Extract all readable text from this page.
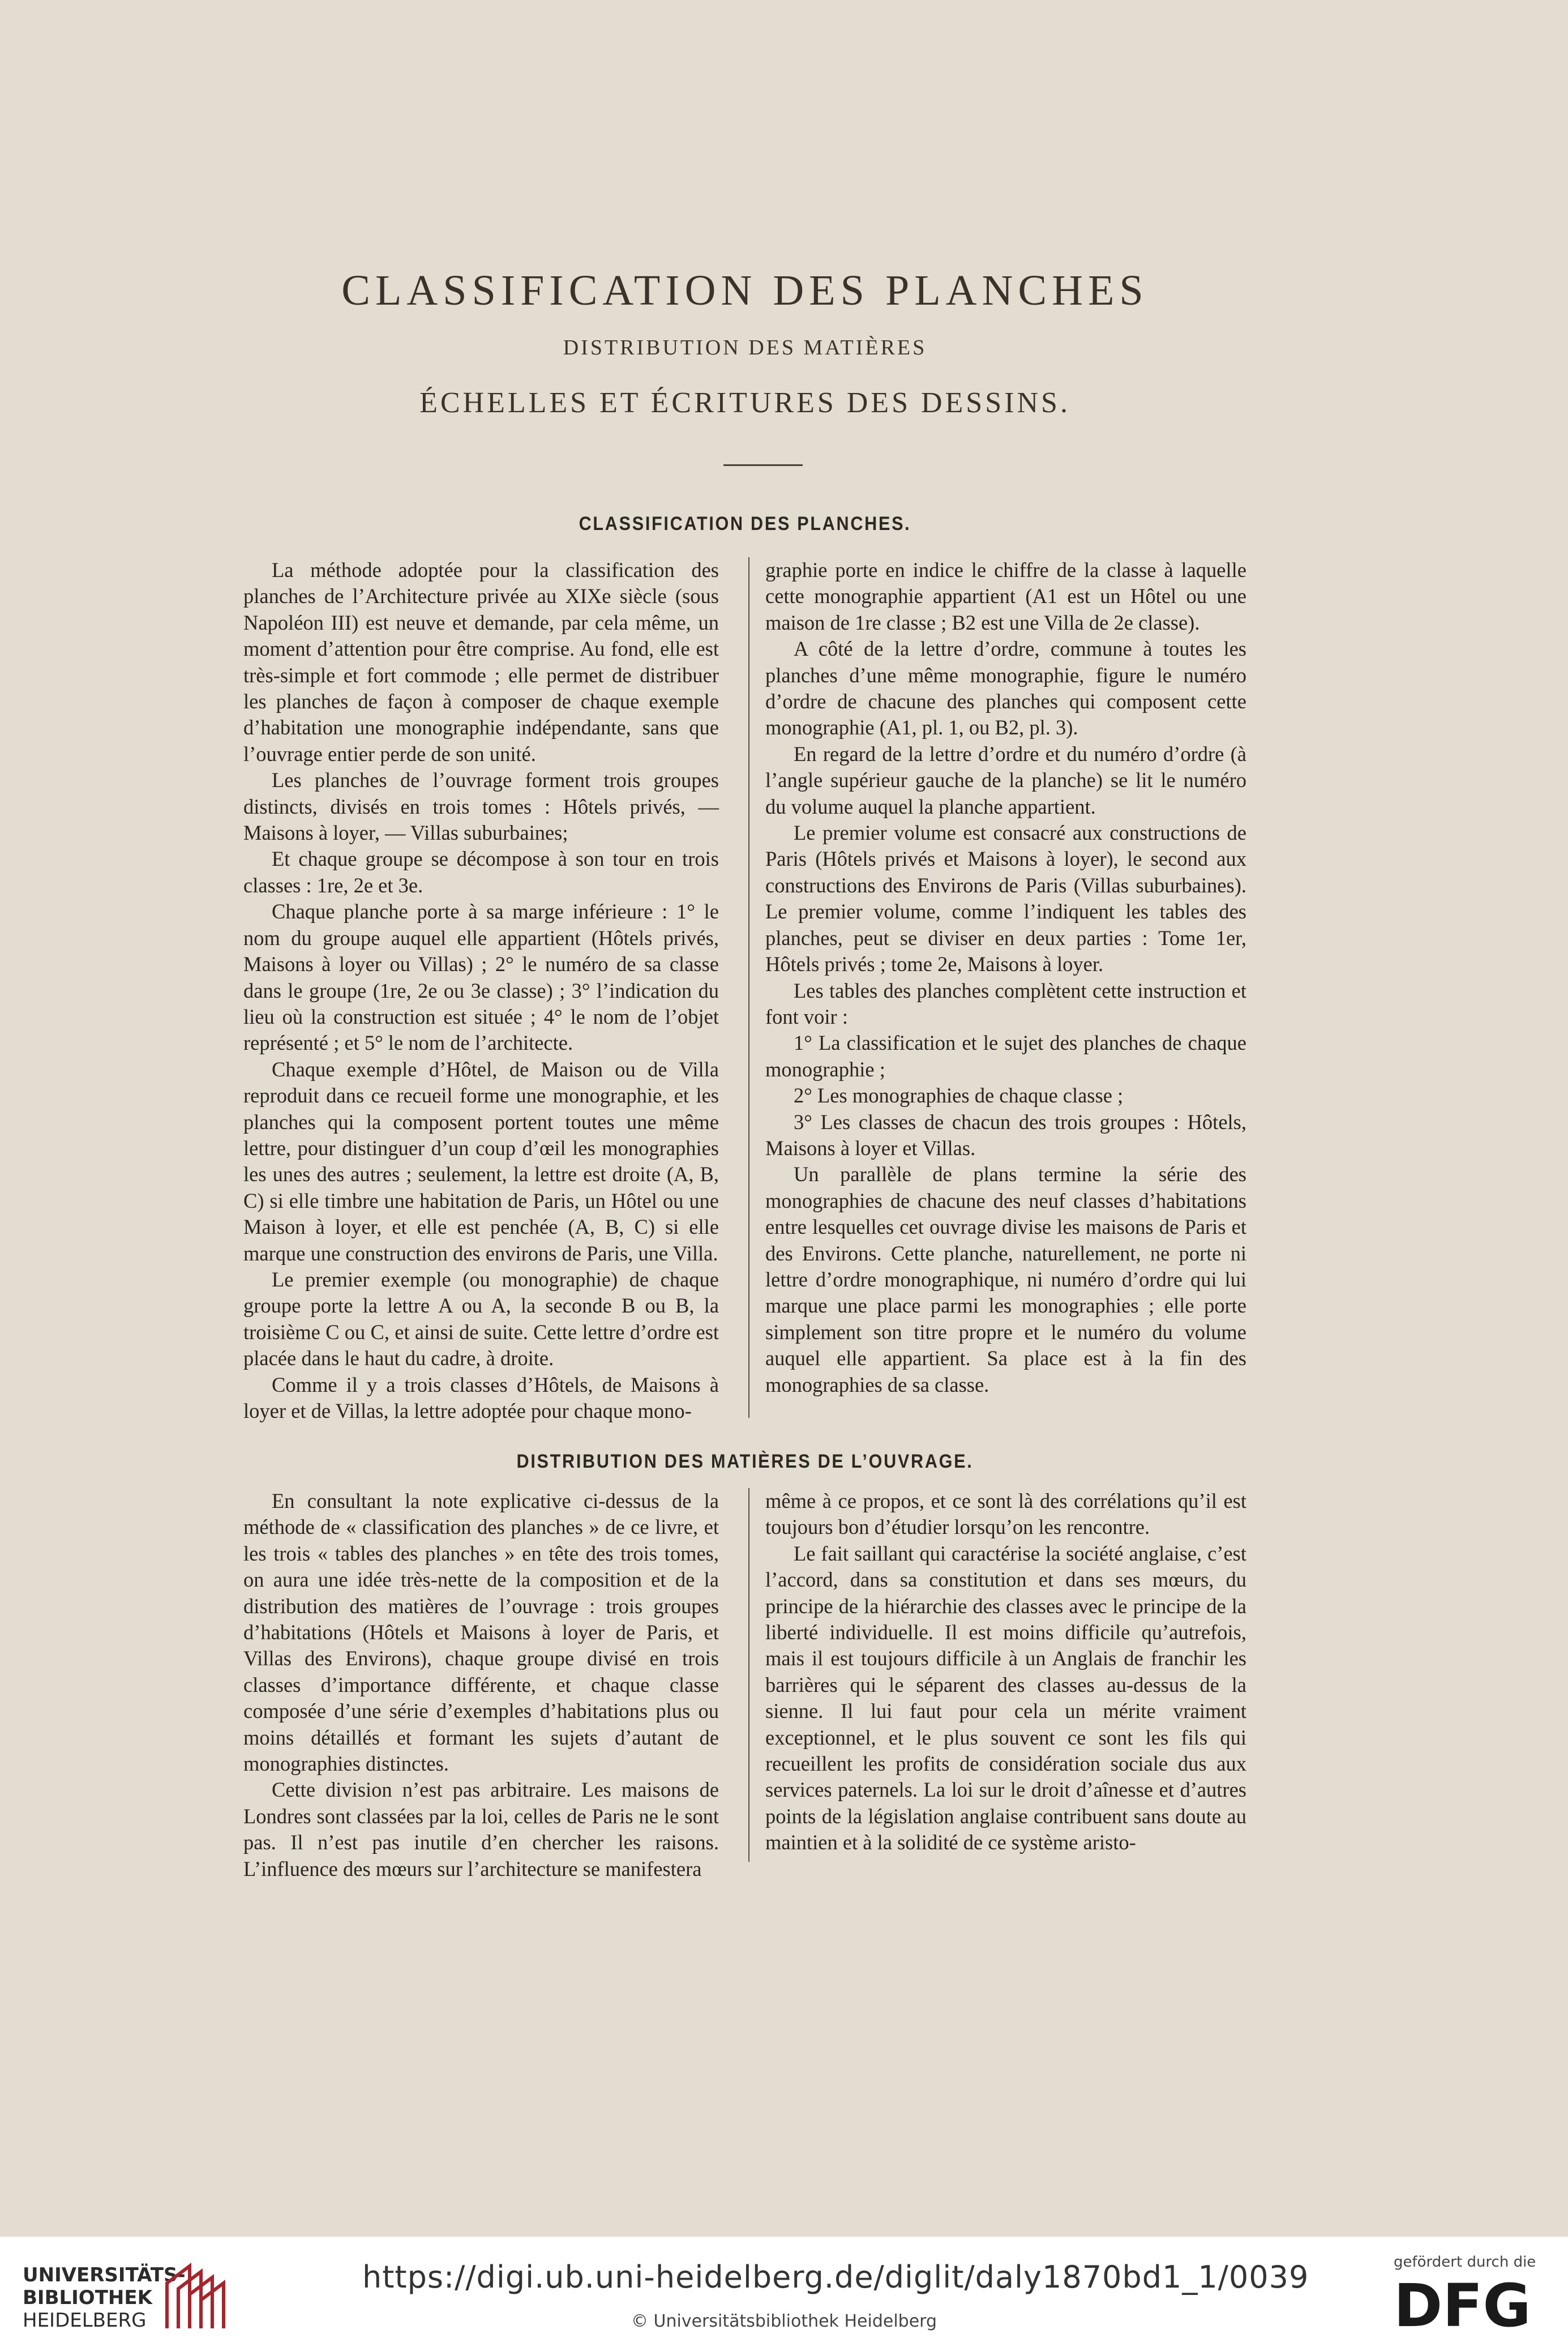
CLASSIFICATION DES PLANCHES
DISTRIBUTION DES MATIÈRES
ÉCHELLES ET ÉCRITURES DES DESSINS.
CLASSIFICATION DES PLANCHES.

La méthode adoptée pour la classification des planches de l’Architecture privée au XIXe siècle (sous Napoléon III) est neuve et demande, par cela même, un moment d’attention pour être comprise. Au fond, elle est très-simple et fort commode ; elle permet de distribuer les planches de façon à composer de chaque exemple d’habitation une monographie indépendante, sans que l’ouvrage entier perde de son unité.

Les planches de l’ouvrage forment trois groupes distincts, divisés en trois tomes : Hôtels privés, — Maisons à loyer, — Villas suburbaines;

Et chaque groupe se décompose à son tour en trois classes : 1re, 2e et 3e.

Chaque planche porte à sa marge inférieure : 1° le nom du groupe auquel elle appartient (Hôtels privés, Maisons à loyer ou Villas) ; 2° le numéro de sa classe dans le groupe (1re, 2e ou 3e classe) ; 3° l’indication du lieu où la construction est située ; 4° le nom de l’objet représenté ; et 5° le nom de l’architecte.

Chaque exemple d’Hôtel, de Maison ou de Villa reproduit dans ce recueil forme une monographie, et les planches qui la composent portent toutes une même lettre, pour distinguer d’un coup d’œil les monographies les unes des autres ; seulement, la lettre est droite (A, B, C) si elle timbre une habitation de Paris, un Hôtel ou une Maison à loyer, et elle est penchée (A, B, C) si elle marque une construction des environs de Paris, une Villa.

Le premier exemple (ou monographie) de chaque groupe porte la lettre A ou A, la seconde B ou B, la troisième C ou C, et ainsi de suite. Cette lettre d’ordre est placée dans le haut du cadre, à droite.

Comme il y a trois classes d’Hôtels, de Maisons à loyer et de Villas, la lettre adoptée pour chaque mono-

graphie porte en indice le chiffre de la classe à laquelle cette monographie appartient (A1 est un Hôtel ou une maison de 1re classe ; B2 est une Villa de 2e classe).

A côté de la lettre d’ordre, commune à toutes les planches d’une même monographie, figure le numéro d’ordre de chacune des planches qui composent cette monographie (A1, pl. 1, ou B2, pl. 3).

En regard de la lettre d’ordre et du numéro d’ordre (à l’angle supérieur gauche de la planche) se lit le numéro du volume auquel la planche appartient.

Le premier volume est consacré aux constructions de Paris (Hôtels privés et Maisons à loyer), le second aux constructions des Environs de Paris (Villas suburbaines). Le premier volume, comme l’indiquent les tables des planches, peut se diviser en deux parties : Tome 1er, Hôtels privés ; tome 2e, Maisons à loyer.

Les tables des planches complètent cette instruction et font voir :

1° La classification et le sujet des planches de chaque monographie ;

2° Les monographies de chaque classe ;

3° Les classes de chacun des trois groupes : Hôtels, Maisons à loyer et Villas.

Un parallèle de plans termine la série des monographies de chacune des neuf classes d’habitations entre lesquelles cet ouvrage divise les maisons de Paris et des Environs. Cette planche, naturellement, ne porte ni lettre d’ordre monographique, ni numéro d’ordre qui lui marque une place parmi les monographies ; elle porte simplement son titre propre et le numéro du volume auquel elle appartient. Sa place est à la fin des monographies de sa classe.

DISTRIBUTION DES MATIÈRES DE L’OUVRAGE.

En consultant la note explicative ci-dessus de la méthode de « classification des planches » de ce livre, et les trois « tables des planches » en tête des trois tomes, on aura une idée très-nette de la composition et de la distribution des matières de l’ouvrage : trois groupes d’habitations (Hôtels et Maisons à loyer de Paris, et Villas des Environs), chaque groupe divisé en trois classes d’importance différente, et chaque classe composée d’une série d’exemples d’habitations plus ou moins détaillés et formant les sujets d’autant de monographies distinctes.

Cette division n’est pas arbitraire. Les maisons de Londres sont classées par la loi, celles de Paris ne le sont pas. Il n’est pas inutile d’en chercher les raisons. L’influence des mœurs sur l’architecture se manifestera

même à ce propos, et ce sont là des corrélations qu’il est toujours bon d’étudier lorsqu’on les rencontre.

Le fait saillant qui caractérise la société anglaise, c’est l’accord, dans sa constitution et dans ses mœurs, du principe de la hiérarchie des classes avec le principe de la liberté individuelle. Il est moins difficile qu’autrefois, mais il est toujours difficile à un Anglais de franchir les barrières qui le séparent des classes au-dessus de la sienne. Il lui faut pour cela un mérite vraiment exceptionnel, et le plus souvent ce sont les fils qui recueillent les profits de considération sociale dus aux services paternels. La loi sur le droit d’aînesse et d’autres points de la législation anglaise contribuent sans doute au maintien et à la solidité de ce système aristo-

UNIVERSITÄTS-
BIBLIOTHEK
HEIDELBERG
https://digi.ub.uni-heidelberg.de/diglit/daly1870bd1_1/0039
© Universitätsbibliothek Heidelberg
gefördert durch die
DFG
